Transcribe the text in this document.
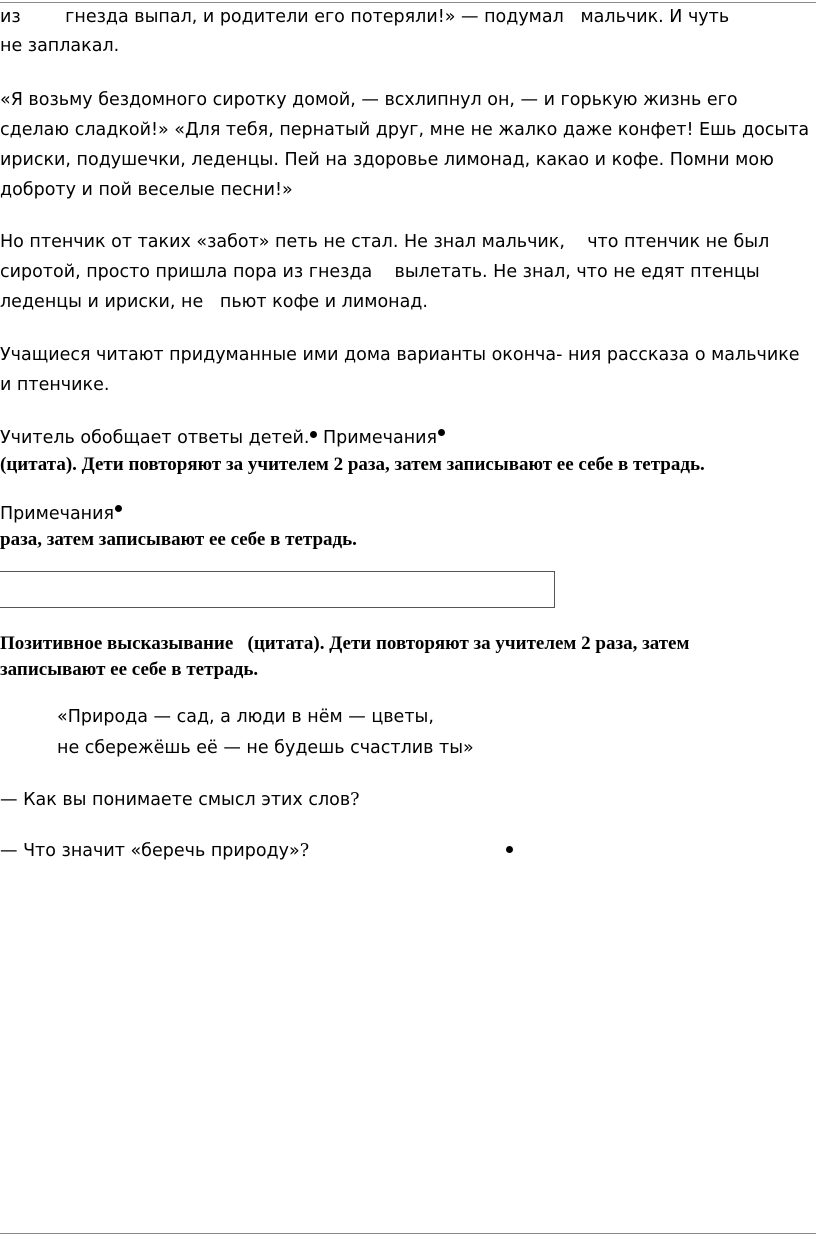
из        гнезда выпал, и родители его потеряли!» — подумал   мальчик. И чуть

не заплакал.

«Я возьму бездомного сиротку домой, — всхлипнул он, — и горькую жизнь его

сделаю сладкой!» «Для тебя, пернатый друг, мне не жалко даже конфет! Ешь досыта

ириски, подушечки, леденцы. Пей на здоровье лимонад, какао и кофе. Помни мою

доброту и пой веселые песни!»

Но птенчик от таких «забот» петь не стал. Не знал мальчик,    что птенчик не был

сиротой, просто пришла пора из гнезда    вылетать. Не знал, что не едят птенцы

леденцы и ириски, не   пьют кофе и лимонад.

Учащиеся читают придуманные ими дома варианты оконча- ния рассказа о мальчике

и птенчике.

Учитель обобщает ответы детей. Примечания

(цитата). Дети повторяют за учителем 2 раза, затем записывают ее себе в тетрадь.

Примечания

раза, затем записывают ее себе в тетрадь.

Позитивное высказывание   (цитата). Дети повторяют за учителем 2 раза, затем

записывают ее себе в тетрадь.

«Природа — сад, а люди в нём — цветы,

не сбережёшь её — не будешь счастлив ты»

— Как вы понимаете смысл этих слов?

— Что значит «беречь природу»?
